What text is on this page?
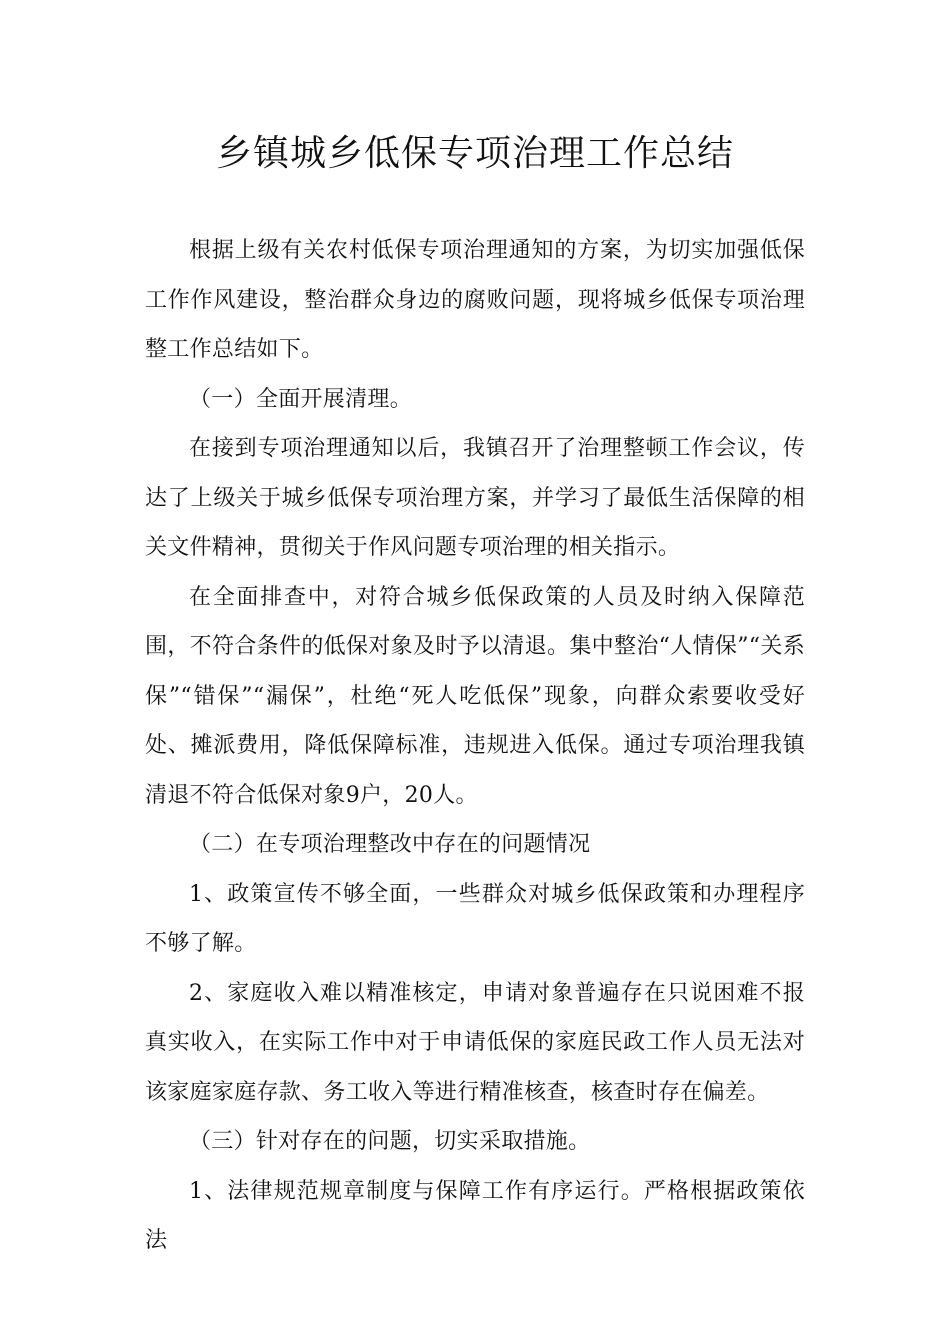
乡镇城乡低保专项治理工作总结

根据上级有关农村低保专项治理通知的方案，为切实加强低保工作作风建设，整治群众身边的腐败问题，现将城乡低保专项治理整工作总结如下。

（一）全面开展清理。

在接到专项治理通知以后，我镇召开了治理整顿工作会议，传达了上级关于城乡低保专项治理方案，并学习了最低生活保障的相关文件精神，贯彻关于作风问题专项治理的相关指示。

在全面排查中，对符合城乡低保政策的人员及时纳入保障范围，不符合条件的低保对象及时予以清退。集中整治“人情保”“关系保”“错保”“漏保”，杜绝“死人吃低保”现象，向群众索要收受好处、摊派费用，降低保障标准，违规进入低保。通过专项治理我镇清退不符合低保对象9户，20人。

（二）在专项治理整改中存在的问题情况

1、政策宣传不够全面，一些群众对城乡低保政策和办理程序不够了解。

2、家庭收入难以精准核定，申请对象普遍存在只说困难不报真实收入，在实际工作中对于申请低保的家庭民政工作人员无法对该家庭家庭存款、务工收入等进行精准核查，核查时存在偏差。

（三）针对存在的问题，切实采取措施。

1、法律规范规章制度与保障工作有序运行。严格根据政策依法
